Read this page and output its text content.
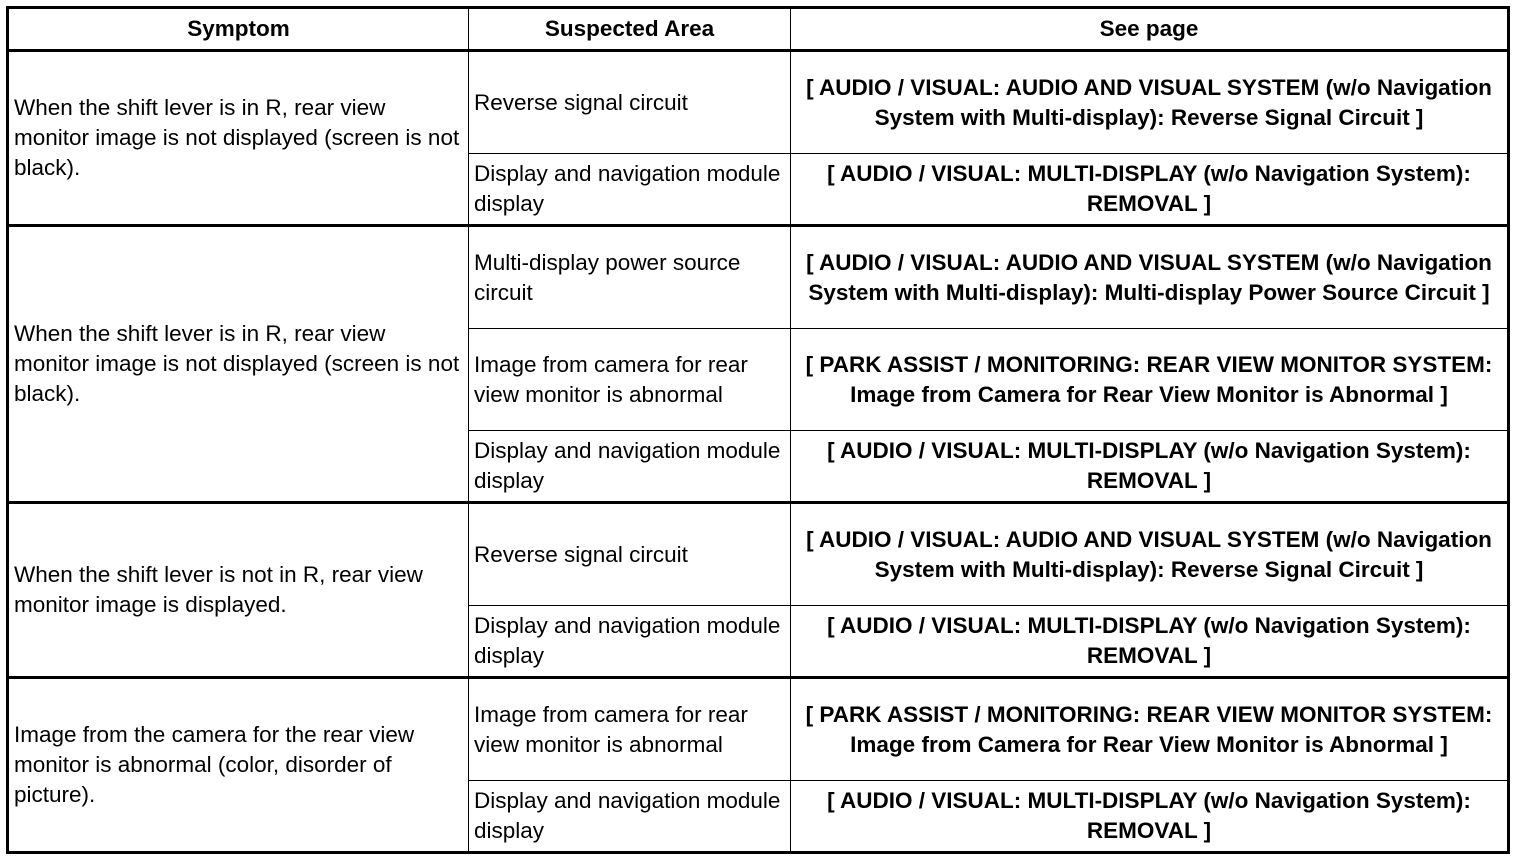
Symptom	Suspected Area	See page
When the shift lever is in R, rear view monitor image is not displayed (screen is not black).	Reverse signal circuit	[ AUDIO / VISUAL: AUDIO AND VISUAL SYSTEM (w/o Navigation System with Multi-display): Reverse Signal Circuit ]
	Display and navigation module display	[ AUDIO / VISUAL: MULTI-DISPLAY (w/o Navigation System): REMOVAL ]
When the shift lever is in R, rear view monitor image is not displayed (screen is not black).	Multi-display power source circuit	[ AUDIO / VISUAL: AUDIO AND VISUAL SYSTEM (w/o Navigation System with Multi-display): Multi-display Power Source Circuit ]
	Image from camera for rear view monitor is abnormal	[ PARK ASSIST / MONITORING: REAR VIEW MONITOR SYSTEM: Image from Camera for Rear View Monitor is Abnormal ]
	Display and navigation module display	[ AUDIO / VISUAL: MULTI-DISPLAY (w/o Navigation System): REMOVAL ]
When the shift lever is not in R, rear view monitor image is displayed.	Reverse signal circuit	[ AUDIO / VISUAL: AUDIO AND VISUAL SYSTEM (w/o Navigation System with Multi-display): Reverse Signal Circuit ]
	Display and navigation module display	[ AUDIO / VISUAL: MULTI-DISPLAY (w/o Navigation System): REMOVAL ]
Image from the camera for the rear view monitor is abnormal (color, disorder of picture).	Image from camera for rear view monitor is abnormal	[ PARK ASSIST / MONITORING: REAR VIEW MONITOR SYSTEM: Image from Camera for Rear View Monitor is Abnormal ]
	Display and navigation module display	[ AUDIO / VISUAL: MULTI-DISPLAY (w/o Navigation System): REMOVAL ]
